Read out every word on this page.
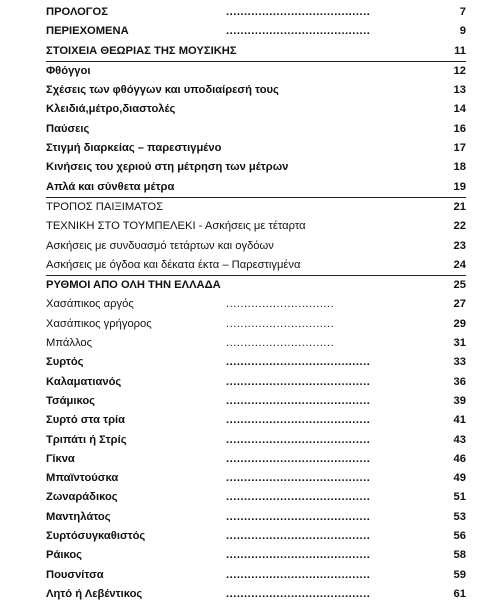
ΠΡΟΛΟΓΟΣ	........................................	7
ΠΕΡΙΕΧΟΜΕΝΑ	........................................	9
ΣΤΟΙΧΕΙΑ ΘΕΩΡΙΑΣ ΤΗΣ ΜΟΥΣΙΚΗΣ	11
Φθόγγοι	12
Σχέσεις των φθόγγων και υποδιαίρεσή τους	13
Κλειδιά,μέτρο,διαστολές	14
Παύσεις	16
Στιγμή διαρκείας – παρεστιγμένο	17
Κινήσεις του χεριού στη μέτρηση των μέτρων	18
Απλά και σύνθετα μέτρα	19
ΤΡΟΠΟΣ ΠΑΙΞΙΜΑΤΟΣ	21
ΤΕΧΝΙΚΗ ΣΤΟ ΤΟΥΜΠΕΛΕΚΙ - Ασκήσεις με τέταρτα	22
Ασκήσεις με συνδυασμό τετάρτων και ογδόων	23
Ασκήσεις με όγδοα και δέκατα έκτα – Παρεστιγμένα	24
ΡΥΘΜΟΙ ΑΠΟ ΟΛΗ ΤΗΝ ΕΛΛΑΔΑ	25
Χασάπικος αργός	..............................	27
Χασάπικος γρήγορος	..............................	29
Μπάλλος	..............................	31
Συρτός	........................................	33
Καλαματιανός	........................................	36
Τσάμικος	........................................	39
Συρτό στα τρία	........................................	41
Τριπάτι ή Στρίς	........................................	43
Γίκνα	........................................	46
Μπαϊντούσκα	........................................	49
Ζωναράδικος	........................................	51
Μαντηλάτος	........................................	53
Συρτόσυγκαθιστός	........................................	56
Ράικος	........................................	58
Πουσνίτσα	........................................	59
Λητό ή Λεβέντικος	........................................	61
